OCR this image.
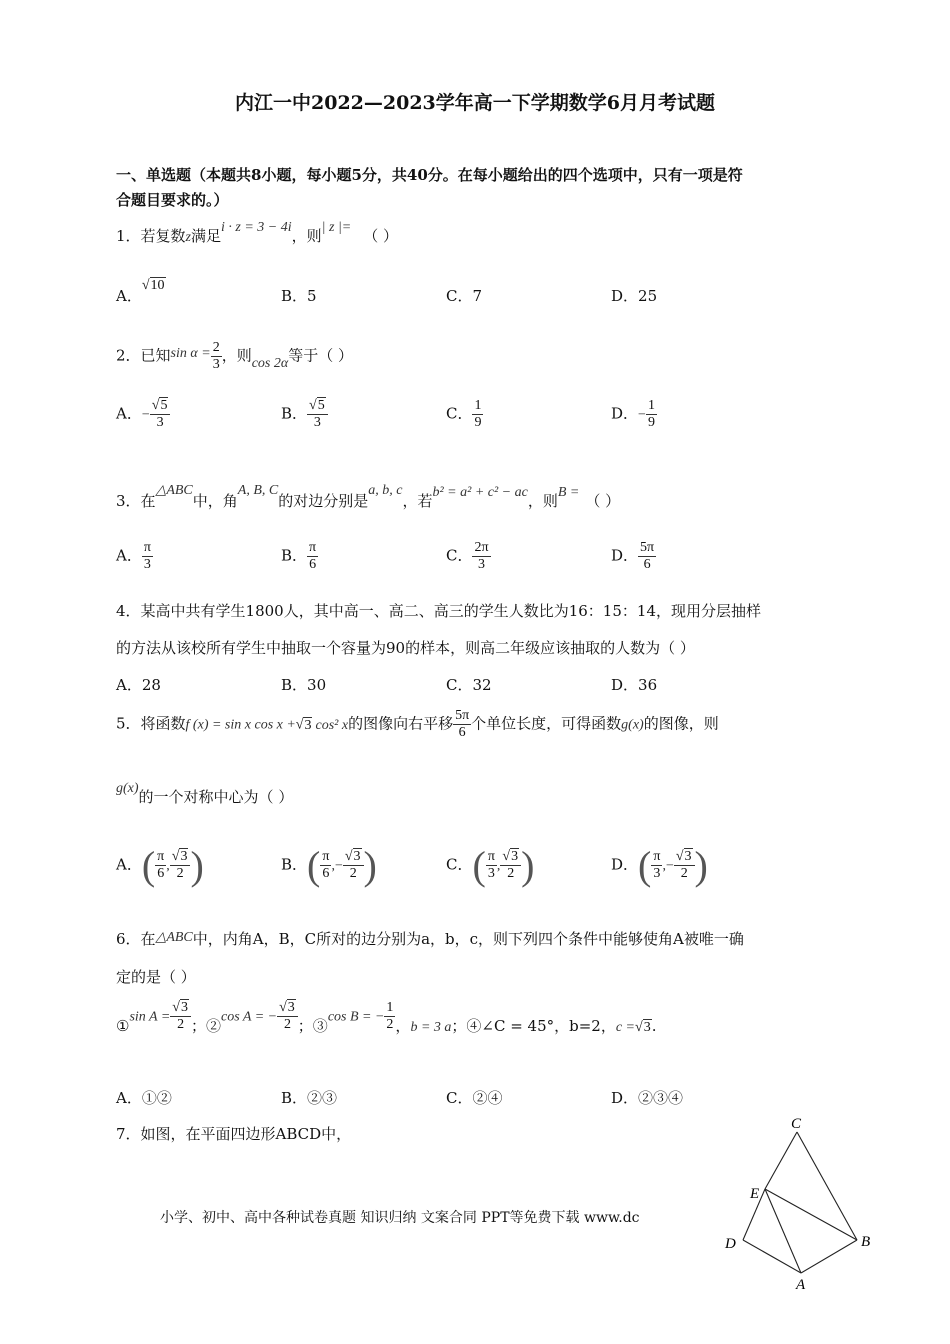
内江一中2022—2023学年高一下学期数学6月月考试题
一、单选题（本题共8小题，每小题5分，共40分。在每小题给出的四个选项中，只有一项是符
合题目要求的。）
1．若复数z满足i · z = 3 − 4i，则| z |= （ ）
A．√10
B．5	C．7	D．25
2．已知$\sin \alpha = \frac{2}{3}$ ，则cos 2α等于（ ）
A．− $\frac{√5}{3}$	B． $\frac{√5}{3}$	C． $\frac{1}{9}$	D．− $\frac{1}{9}$
3．在△ABC中，角A, B, C的对边分别是a, b, c，若b² = a² + c² − ac，则B = （ ）
A． $\frac{\pi}{3}$	B． $\frac{\pi}{6}$	C． $\frac{2\pi}{3}$	D． $\frac{5\pi}{6}$
4．某高中共有学生1800人，其中高一、高二、高三的学生人数比为16：15：14，现用分层抽样
的方法从该校所有学生中抽取一个容量为90的样本，则高二年级应该抽取的人数为（ ）
A．28	B．30	C．32	D．36
5．将函数f (x) = sin x cos x +√3 cos² x的图像向右平移 $\frac{5\pi}{6}$ 个单位长度，可得函数g(x)的图像，则
g(x)的一个对称中心为（ ）
A．( $\frac{\pi}{6}$ , $\frac{√3}{2}$ )	B．( $\frac{\pi}{6}$ ,− $\frac{√3}{2}$ )	C．( $\frac{\pi}{3}$ , $\frac{√3}{2}$ )	D．( $\frac{\pi}{3}$ ,− $\frac{√3}{2}$ )
6．在△ABC中，内角A，B，C所对的边分别为a，b，c，则下列四个条件中能够使角A被唯一确
定的是（ ）
①sin $A = \frac{√3}{2}$ ；②cos A = − $\frac{√3}{2}$ ；③cos B = − $\frac{1}{2}$ ，b = 3 a；④∠C = 45°，b=2，c =√3.
A．①②	B．②③	C．②④	D．②③④
7．如图，在平面四边形ABCD中，
C
E
D	B
A
小学、初中、高中各种试卷真题 知识归纳 文案合同 PPT等免费下载 www.dc
